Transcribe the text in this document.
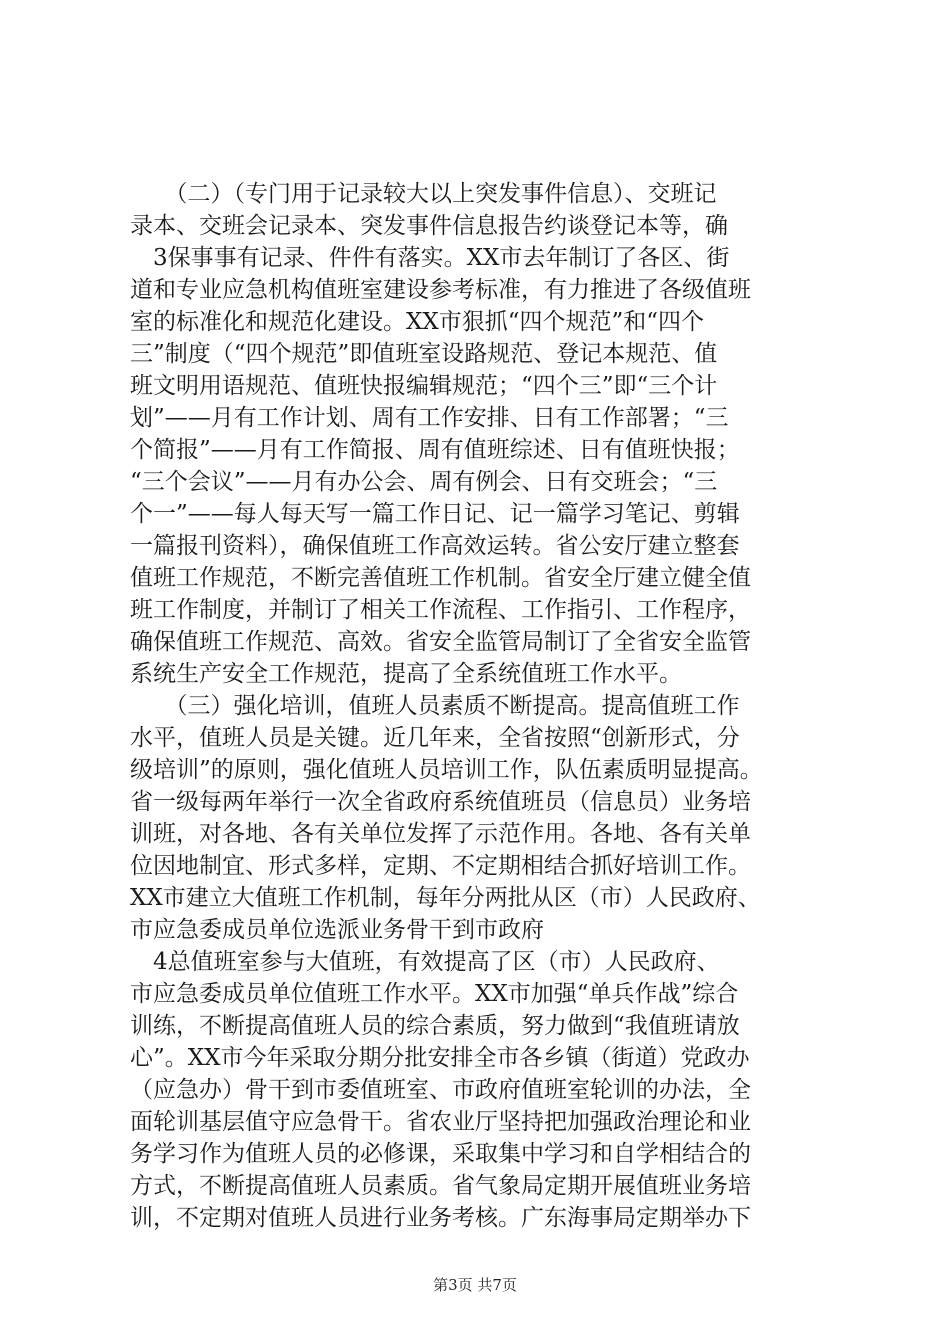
　　（二）（专门用于记录较大以上突发事件信息）、交班记
录本、交班会记录本、突发事件信息报告约谈登记本等，确
　3保事事有记录、件件有落实。XX市去年制订了各区、街
道和专业应急机构值班室建设参考标准，有力推进了各级值班
室的标准化和规范化建设。XX市狠抓“四个规范”和“四个
三”制度（“四个规范”即值班室设路规范、登记本规范、值
班文明用语规范、值班快报编辑规范；“四个三”即“三个计
划”——月有工作计划、周有工作安排、日有工作部署；“三
个简报”——月有工作简报、周有值班综述、日有值班快报；
“三个会议”——月有办公会、周有例会、日有交班会；“三
个一”——每人每天写一篇工作日记、记一篇学习笔记、剪辑
一篇报刊资料），确保值班工作高效运转。省公安厅建立整套
值班工作规范，不断完善值班工作机制。省安全厅建立健全值
班工作制度，并制订了相关工作流程、工作指引、工作程序，
确保值班工作规范、高效。省安全监管局制订了全省安全监管
系统生产安全工作规范，提高了全系统值班工作水平。
　　（三）强化培训，值班人员素质不断提高。提高值班工作
水平，值班人员是关键。近几年来，全省按照“创新形式，分
级培训”的原则，强化值班人员培训工作，队伍素质明显提高。
省一级每两年举行一次全省政府系统值班员（信息员）业务培
训班，对各地、各有关单位发挥了示范作用。各地、各有关单
位因地制宜、形式多样，定期、不定期相结合抓好培训工作。
XX市建立大值班工作机制，每年分两批从区（市）人民政府、
市应急委成员单位选派业务骨干到市政府
　4总值班室参与大值班，有效提高了区（市）人民政府、
市应急委成员单位值班工作水平。XX市加强“单兵作战”综合
训练，不断提高值班人员的综合素质，努力做到“我值班请放
心”。XX市今年采取分期分批安排全市各乡镇（街道）党政办
（应急办）骨干到市委值班室、市政府值班室轮训的办法，全
面轮训基层值守应急骨干。省农业厅坚持把加强政治理论和业
务学习作为值班人员的必修课，采取集中学习和自学相结合的
方式，不断提高值班人员素质。省气象局定期开展值班业务培
训，不定期对值班人员进行业务考核。广东海事局定期举办下
第3页 共7页
